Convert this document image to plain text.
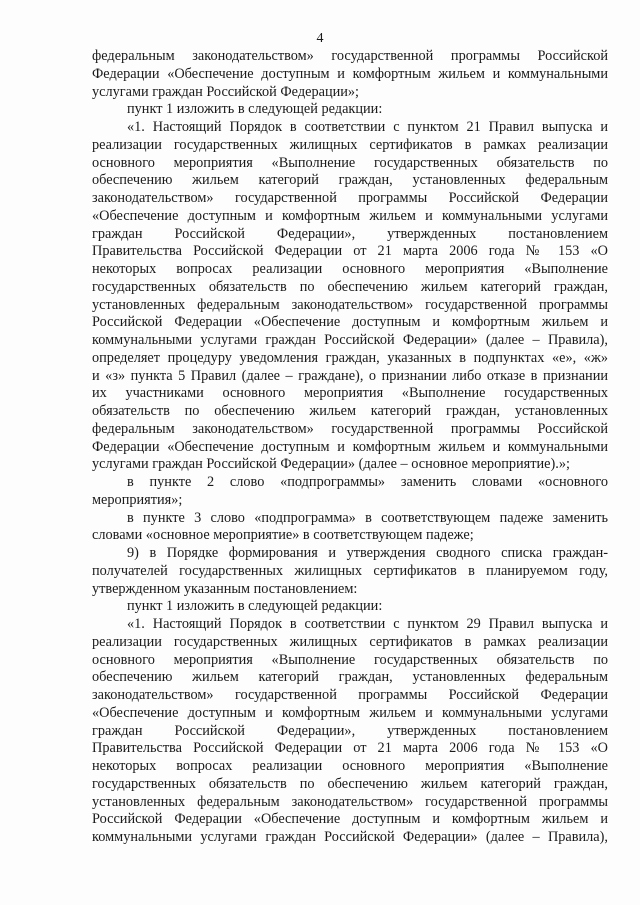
4
федеральным законодательством» государственной программы Российской
Федерации «Обеспечение доступным и комфортным жильем и коммунальными
услугами граждан Российской Федерации»;
пункт 1 изложить в следующей редакции:
«1. Настоящий Порядок в соответствии с пунктом 21 Правил выпуска и
реализации государственных жилищных сертификатов в рамках реализации
основного мероприятия «Выполнение государственных обязательств по
обеспечению жильем категорий граждан, установленных федеральным
законодательством» государственной программы Российской Федерации
«Обеспечение доступным и комфортным жильем и коммунальными услугами
граждан Российской Федерации», утвержденных постановлением
Правительства Российской Федерации от 21 марта 2006 года № 153 «О
некоторых вопросах реализации основного мероприятия «Выполнение
государственных обязательств по обеспечению жильем категорий граждан,
установленных федеральным законодательством» государственной программы
Российской Федерации «Обеспечение доступным и комфортным жильем и
коммунальными услугами граждан Российской Федерации» (далее – Правила),
определяет процедуру уведомления граждан, указанных в подпунктах «е», «ж»
и «з» пункта 5 Правил (далее – граждане), о признании либо отказе в признании
их участниками основного мероприятия «Выполнение государственных
обязательств по обеспечению жильем категорий граждан, установленных
федеральным законодательством» государственной программы Российской
Федерации «Обеспечение доступным и комфортным жильем и коммунальными
услугами граждан Российской Федерации» (далее – основное мероприятие).»;
в пункте 2 слово «подпрограммы» заменить словами «основного
мероприятия»;
в пункте 3 слово «подпрограмма» в соответствующем падеже заменить
словами «основное мероприятие» в соответствующем падеже;
9) в Порядке формирования и утверждения сводного списка граждан-
получателей государственных жилищных сертификатов в планируемом году,
утвержденном указанным постановлением:
пункт 1 изложить в следующей редакции:
«1. Настоящий Порядок в соответствии с пунктом 29 Правил выпуска и
реализации государственных жилищных сертификатов в рамках реализации
основного мероприятия «Выполнение государственных обязательств по
обеспечению жильем категорий граждан, установленных федеральным
законодательством» государственной программы Российской Федерации
«Обеспечение доступным и комфортным жильем и коммунальными услугами
граждан Российской Федерации», утвержденных постановлением
Правительства Российской Федерации от 21 марта 2006 года № 153 «О
некоторых вопросах реализации основного мероприятия «Выполнение
государственных обязательств по обеспечению жильем категорий граждан,
установленных федеральным законодательством» государственной программы
Российской Федерации «Обеспечение доступным и комфортным жильем и
коммунальными услугами граждан Российской Федерации» (далее – Правила),
